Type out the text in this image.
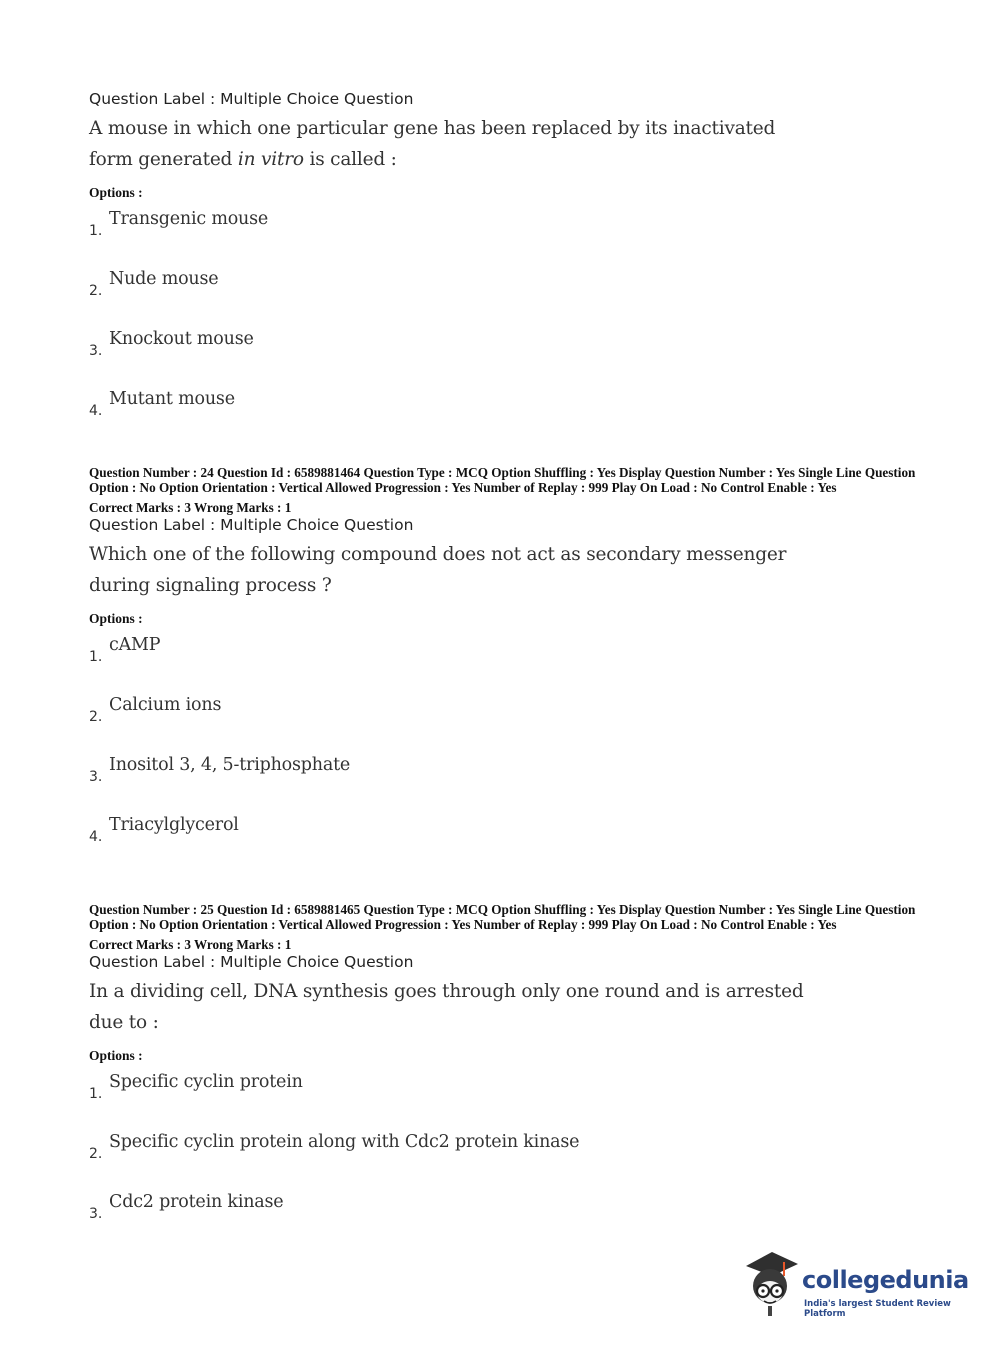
Question Label : Multiple Choice Question
A mouse in which one particular gene has been replaced by its inactivated form generated in vitro is called :
Options :
1.
Transgenic mouse
2.
Nude mouse
3.
Knockout mouse
4.
Mutant mouse

Question Number : 24 Question Id : 6589881464 Question Type : MCQ Option Shuffling : Yes Display Question Number : Yes Single Line Question Option : No Option Orientation : Vertical Allowed Progression : Yes Number of Replay : 999 Play On Load : No Control Enable : Yes

Correct Marks : 3 Wrong Marks : 1
Question Label : Multiple Choice Question
Which one of the following compound does not act as secondary messenger during signaling process ?
Options :
1.
cAMP
2.
Calcium ions
3.
Inositol 3, 4, 5-triphosphate
4.
Triacylglycerol

Question Number : 25 Question Id : 6589881465 Question Type : MCQ Option Shuffling : Yes Display Question Number : Yes Single Line Question Option : No Option Orientation : Vertical Allowed Progression : Yes Number of Replay : 999 Play On Load : No Control Enable : Yes

Correct Marks : 3 Wrong Marks : 1
Question Label : Multiple Choice Question
In a dividing cell, DNA synthesis goes through only one round and is arrested due to :
Options :
1.
Specific cyclin protein
2.
Specific cyclin protein along with Cdc2 protein kinase
3.
Cdc2 protein kinase
collegedunia
India's largest Student Review Platform
